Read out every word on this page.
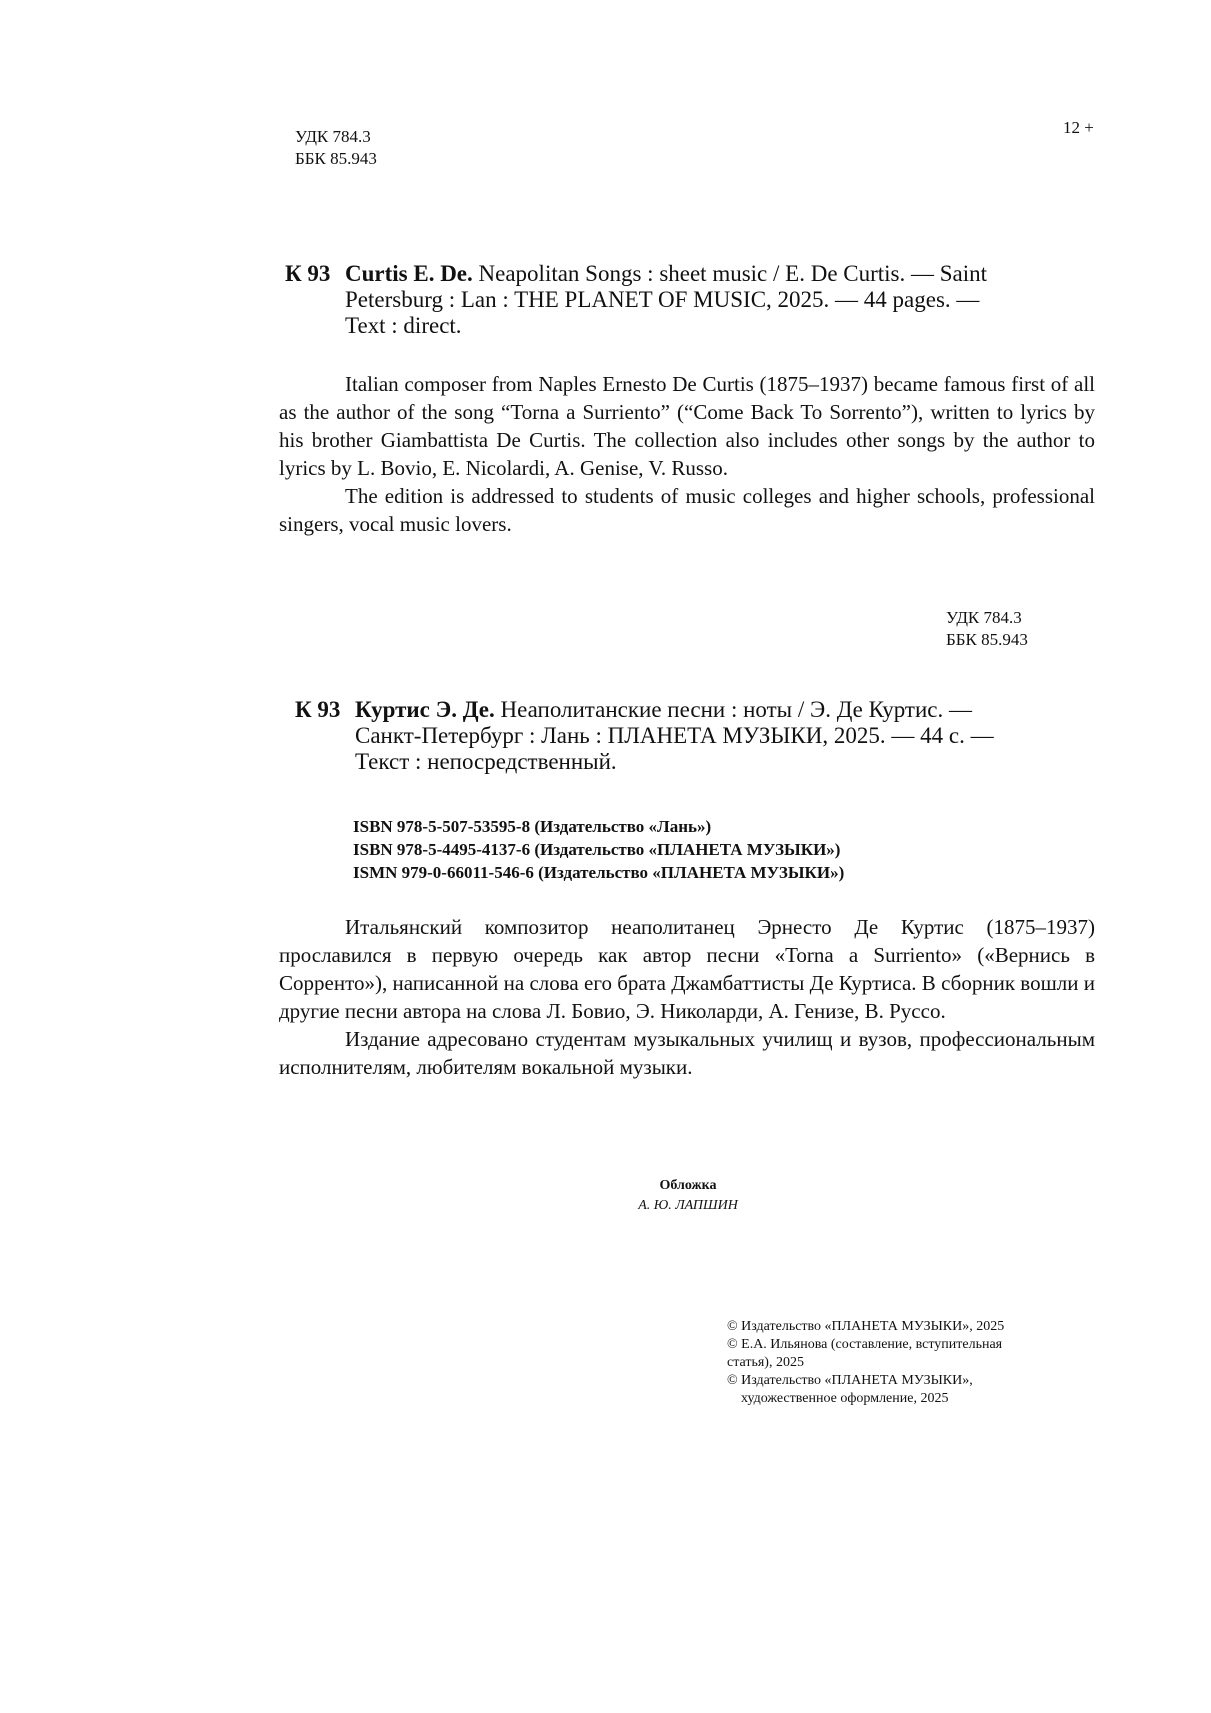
УДК 784.3
ББК 85.943
12 +
К 93 Curtis E. De. Neapolitan Songs : sheet music / E. De Curtis. — Saint
Petersburg : Lan : THE PLANET OF MUSIC, 2025. — 44 pages. —
Text : direct.

Italian composer from Naples Ernesto De Curtis (1875–1937) became famous first of all as the author of the song “Torna a Surriento” (“Come Back To Sorrento”), written to lyrics by his brother Giambattista De Curtis. The collection also includes other songs by the author to lyrics by L. Bovio, E. Nicolardi, A. Genise, V. Russo.

The edition is addressed to students of music colleges and higher schools, professional singers, vocal music lovers.

УДК 784.3
ББК 85.943
К 93 Куртис Э. Де. Неаполитанские песни : ноты / Э. Де Куртис. —
Санкт-Петербург : Лань : ПЛАНЕТА МУЗЫКИ, 2025. — 44 с. —
Текст : непосредственный.
ISBN 978-5-507-53595-8 (Издательство «Лань»)
ISBN 978-5-4495-4137-6 (Издательство «ПЛАНЕТА МУЗЫКИ»)
ISMN 979-0-66011-546-6 (Издательство «ПЛАНЕТА МУЗЫКИ»)

Итальянский композитор неаполитанец Эрнесто Де Куртис (1875–1937) прославился в первую очередь как автор песни «Torna a Surriento» («Вернись в Сорренто»), написанной на слова его брата Джамбаттисты Де Куртиса. В сборник вошли и другие песни автора на слова Л. Бовио, Э. Николарди, А. Генизе, В. Руссо.

Издание адресовано студентам музыкальных училищ и вузов, профессиональным исполнителям, любителям вокальной музыки.

Обложка
А. Ю. ЛАПШИН
© Издательство «ПЛАНЕТА МУЗЫКИ», 2025
© Е.А. Ильянова (составление, вступительная
статья), 2025
© Издательство «ПЛАНЕТА МУЗЫКИ»,
художественное оформление, 2025
